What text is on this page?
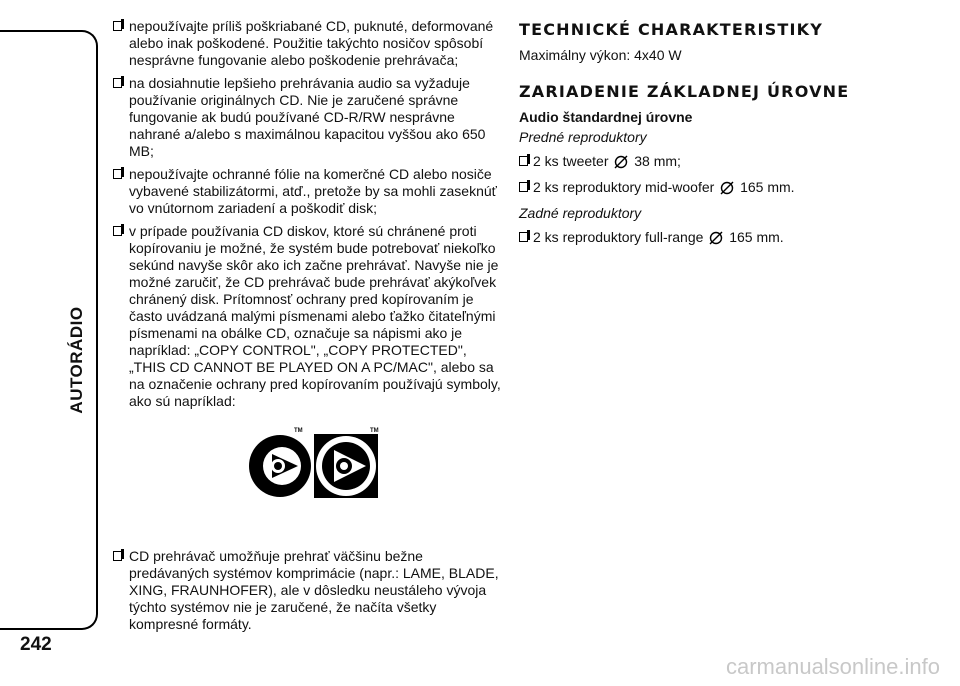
AUTORÁDIO
242
nepoužívajte príliš poškriabané CD, puknuté, deformované alebo inak poškodené. Použitie takýchto nosičov spôsobí nesprávne fungovanie alebo poškodenie prehrávača;
na dosiahnutie lepšieho prehrávania audio sa vyžaduje používanie originálnych CD. Nie je zaručené správne fungovanie ak budú používané CD-R/RW nesprávne nahrané a/alebo s maximálnou kapacitou vyššou ako 650 MB;
nepoužívajte ochranné fólie na komerčné CD alebo nosiče vybavené stabilizátormi, atď., pretože by sa mohli zaseknúť vo vnútornom zariadení a poškodiť disk;
v prípade používania CD diskov, ktoré sú chránené proti kopírovaniu je možné, že systém bude potrebovať niekoľko sekúnd navyše skôr ako ich začne prehrávať. Navyše nie je možné zaručiť, že CD prehrávač bude prehrávať akýkoľvek chránený disk. Prítomnosť ochrany pred kopírovaním je často uvádzaná malými písmenami alebo ťažko čitateľnými písmenami na obálke CD, označuje sa nápismi ako je napríklad: „COPY CONTROL", „COPY PROTECTED", „THIS CD CANNOT BE PLAYED ON A PC/MAC", alebo sa na označenie ochrany pred kopírovaním používajú symboly, ako sú napríklad:
TM	TM
CD prehrávač umožňuje prehrať väčšinu bežne predávaných systémov komprimácie (napr.: LAME, BLADE, XING, FRAUNHOFER), ale v dôsledku neustáleho vývoja týchto systémov nie je zaručené, že načíta všetky kompresné formáty.
TECHNICKÉ CHARAKTERISTIKY
Maximálny výkon: 4x40 W
ZARIADENIE ZÁKLADNEJ ÚROVNE
Audio štandardnej úrovne
Predné reproduktory
2 ks tweeter 38 mm;
2 ks reproduktory mid-woofer 165 mm.
Zadné reproduktory
2 ks reproduktory full-range 165 mm.
carmanualsonline.info
